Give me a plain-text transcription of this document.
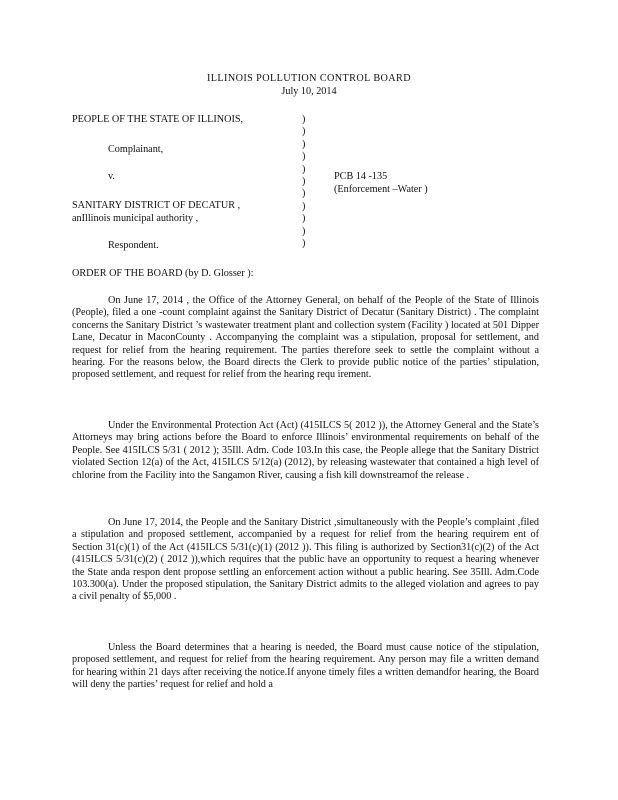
ILLINOIS POLLUTION CONTROL BOARD
July 10, 2014
PEOPLE OF THE STATE OF ILLINOIS,
Complainant,
v.
SANITARY DISTRICT OF DECATUR ,
anIllinois municipal authority ,
Respondent.
)
)
)
)
)
)
)
)
)
)
)
PCB 14 -135
(Enforcement –Water )
ORDER OF THE BOARD (by D. Glosser ):

On June 17, 2014 , the Office of the Attorney General, on behalf of the People of the State of Illinois (People), filed a one -count complaint against the Sanitary District of Decatur (Sanitary District) . The complaint concerns the Sanitary District ’s wastewater treatment plant and collection system (Facility ) located at 501 Dipper Lane, Decatur in MaconCounty . Accompanying the complaint was a stipulation, proposal for settlement, and request for relief from the hearing requirement. The parties therefore seek to settle the complaint without a hearing. For the reasons below, the Board directs the Clerk to provide public notice of the parties’ stipulation, proposed settlement, and request for relief from the hearing requ irement.

Under the Environmental Protection Act (Act) (415ILCS 5( 2012 )), the Attorney General and the State’s Attorneys may bring actions before the Board to enforce Illinois’ environmental requirements on behalf of the People. See 415ILCS 5/31 ( 2012 ); 35Ill. Adm. Code 103.In this case, the People allege that the Sanitary District violated Section 12(a) of the Act, 415ILCS 5/12(a) (2012), by releasing wastewater that contained a high level of chlorine from the Facility into the Sangamon River, causing a fish kill downstreamof the release .

On June 17, 2014, the People and the Sanitary District ,simultaneously with the People’s complaint ,filed a stipulation and proposed settlement, accompanied by a request for relief from the hearing requirem ent of Section 31(c)(1) of the Act (415ILCS 5/31(c)(1) (2012 )). This filing is authorized by Section31(c)(2) of the Act (415ILCS 5/31(c)(2) ( 2012 )),which requires that the public have an opportunity to request a hearing whenever the State anda respon dent propose settling an enforcement action without a public hearing. See 35Ill. Adm.Code 103.300(a). Under the proposed stipulation, the Sanitary District admits to the alleged violation and agrees to pay a civil penalty of $5,000 .

Unless the Board determines that a hearing is needed, the Board must cause notice of the stipulation, proposed settlement, and request for relief from the hearing requirement. Any person may file a written demand for hearing within 21 days after receiving the notice.If anyone timely files a written demandfor hearing, the Board will deny the parties’ request for relief and hold a
